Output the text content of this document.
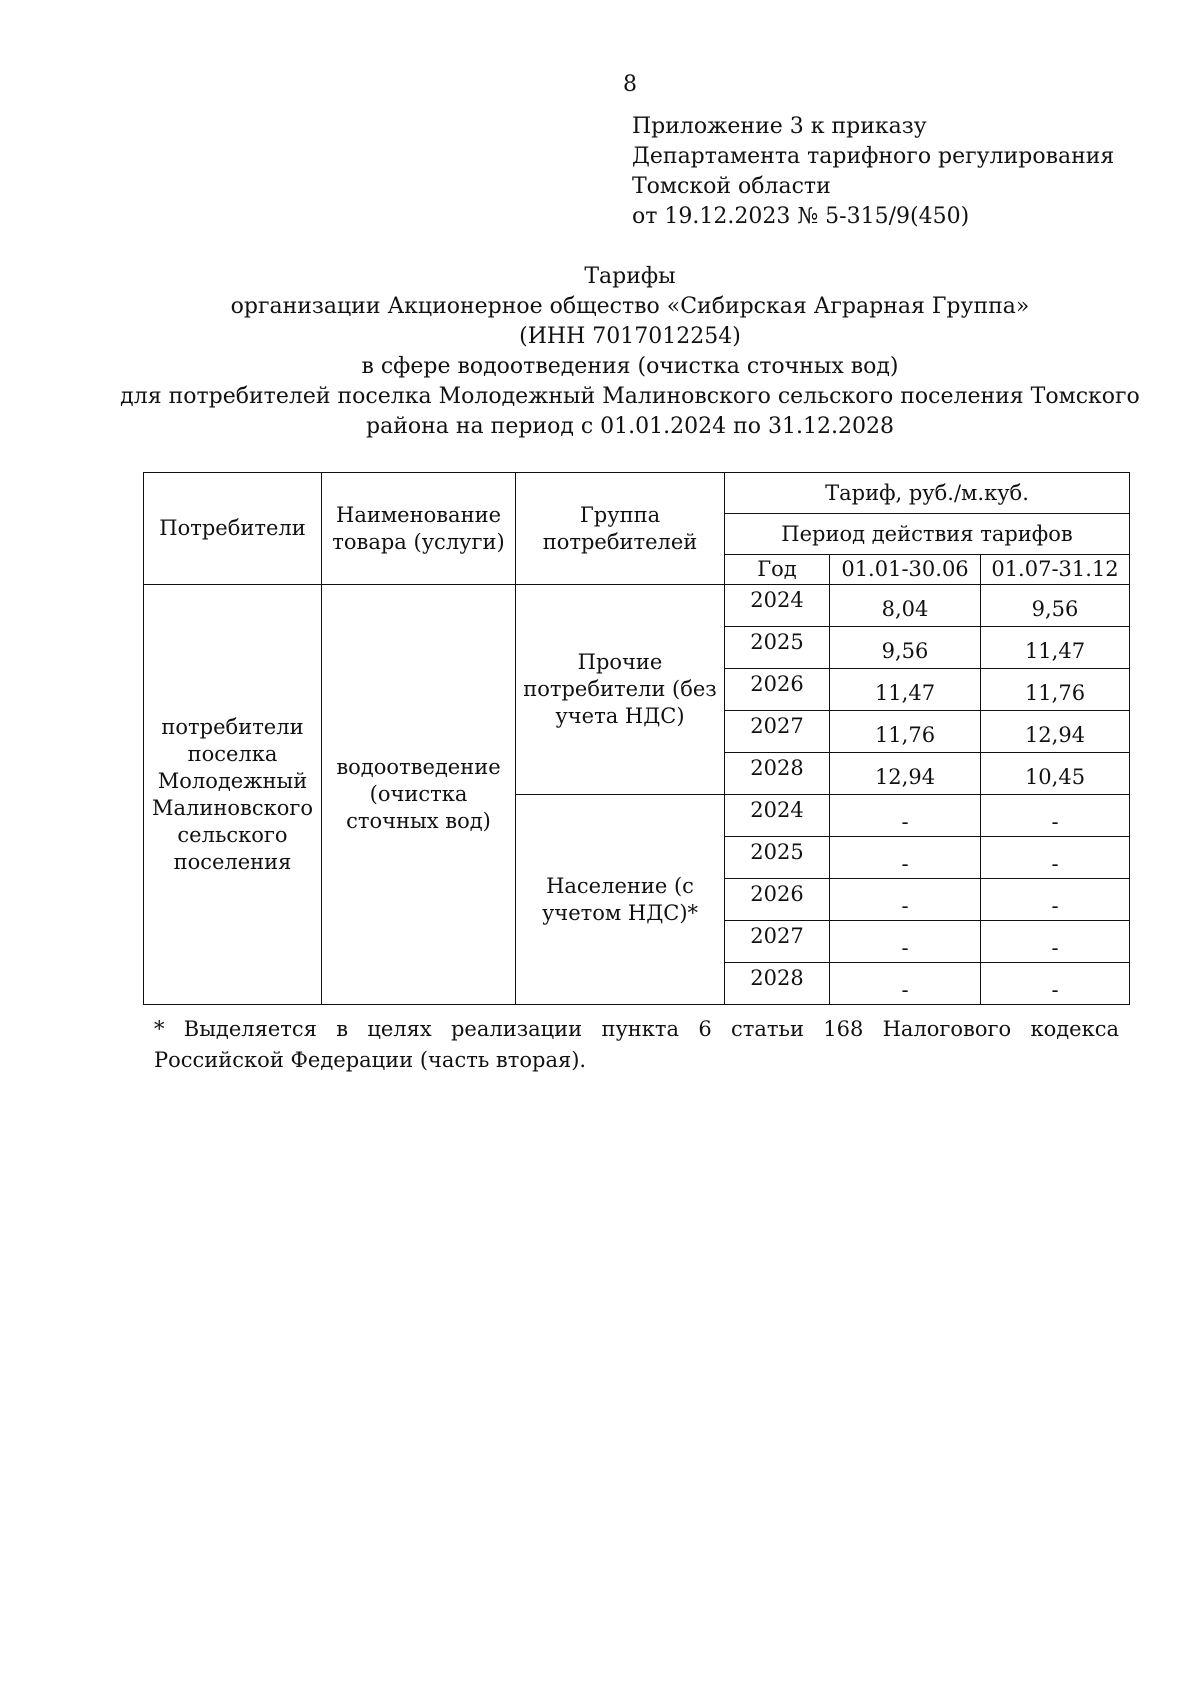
8
Приложение 3 к приказу
Департамента тарифного регулирования
Томской области
от 19.12.2023 № 5-315/9(450)
Тарифы
организации Акционерное общество «Сибирская Аграрная Группа»
(ИНН 7017012254)
в сфере водоотведения (очистка сточных вод)
для потребителей поселка Молодежный Малиновского сельского поселения Томского
района на период с 01.01.2024 по 31.12.2028
Потребители	Наименование товара (услуги)	Группа потребителей	Тариф, руб./м.куб.		
			Период действия тарифов		
			Год	01.01-30.06	01.07-31.12
потребители поселка Молодежный Малиновского сельского поселения	водоотведение (очистка сточных вод)	Прочие потребители (без учета НДС)	2024	8,04	9,56
			2025	9,56	11,47
			2026	11,47	11,76
			2027	11,76	12,94
			2028	12,94	10,45
		Население (с учетом НДС)*	2024	-	-
			2025	-	-
			2026	-	-
			2027	-	-
			2028	-	-
* Выделяется в целях реализации пункта 6 статьи 168 Налогового кодекса Российской Федерации (часть вторая).
